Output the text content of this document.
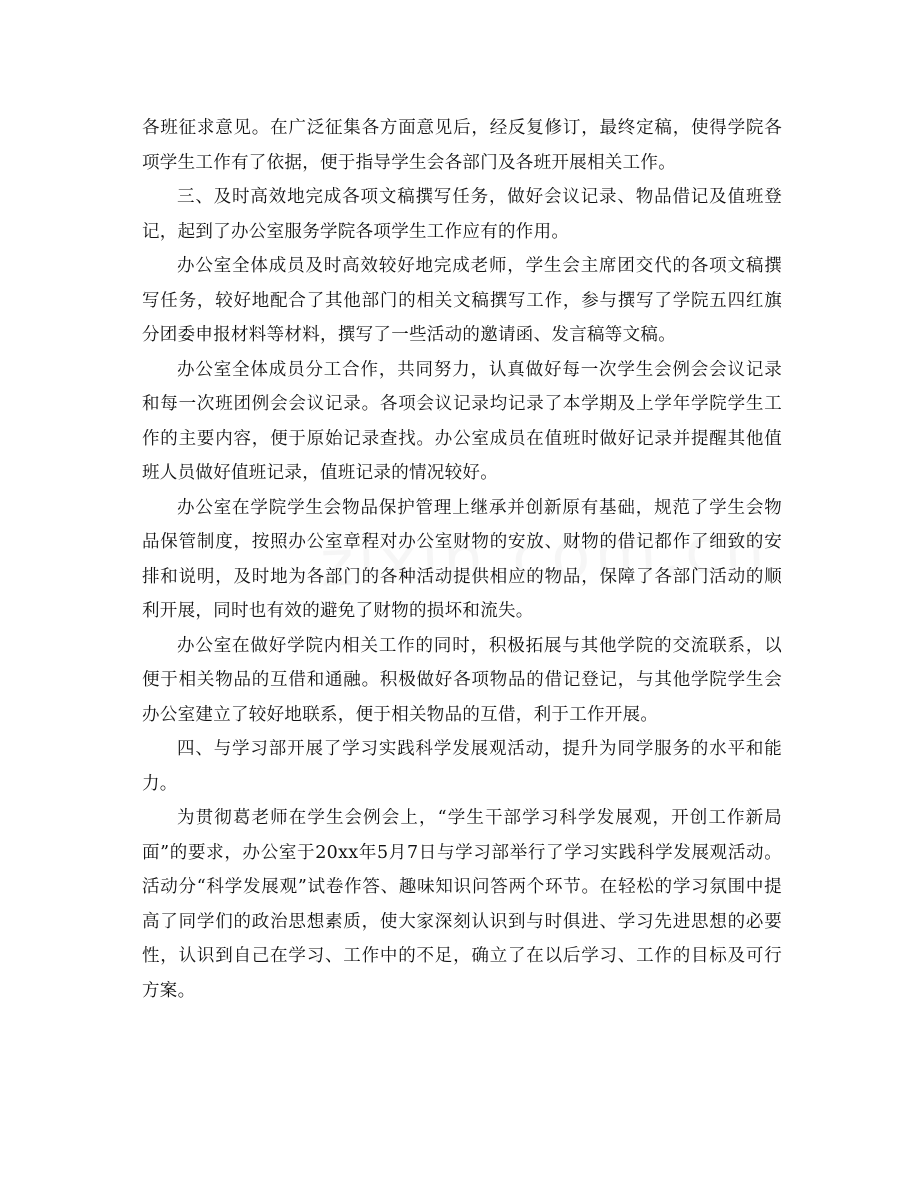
各班征求意见。在广泛征集各方面意见后，经反复修订，最终定稿，使得学院各项学生工作有了依据，便于指导学生会各部门及各班开展相关工作。

三、及时高效地完成各项文稿撰写任务，做好会议记录、物品借记及值班登记，起到了办公室服务学院各项学生工作应有的作用。

办公室全体成员及时高效较好地完成老师，学生会主席团交代的各项文稿撰写任务，较好地配合了其他部门的相关文稿撰写工作，参与撰写了学院五四红旗分团委申报材料等材料，撰写了一些活动的邀请函、发言稿等文稿。

办公室全体成员分工合作，共同努力，认真做好每一次学生会例会会议记录和每一次班团例会会议记录。各项会议记录均记录了本学期及上学年学院学生工作的主要内容，便于原始记录查找。办公室成员在值班时做好记录并提醒其他值班人员做好值班记录，值班记录的情况较好。

办公室在学院学生会物品保护管理上继承并创新原有基础，规范了学生会物品保管制度，按照办公室章程对办公室财物的安放、财物的借记都作了细致的安排和说明，及时地为各部门的各种活动提供相应的物品，保障了各部门活动的顺利开展，同时也有效的避免了财物的损坏和流失。

办公室在做好学院内相关工作的同时，积极拓展与其他学院的交流联系，以便于相关物品的互借和通融。积极做好各项物品的借记登记，与其他学院学生会办公室建立了较好地联系，便于相关物品的互借，利于工作开展。

四、与学习部开展了学习实践科学发展观活动，提升为同学服务的水平和能力。

为贯彻葛老师在学生会例会上，“学生干部学习科学发展观，开创工作新局面”的要求，办公室于20xx年5月7日与学习部举行了学习实践科学发展观活动。活动分“科学发展观”试卷作答、趣味知识问答两个环节。在轻松的学习氛围中提高了同学们的政治思想素质，使大家深刻认识到与时俱进、学习先进思想的必要性，认识到自己在学习、工作中的不足，确立了在以后学习、工作的目标及可行方案。
